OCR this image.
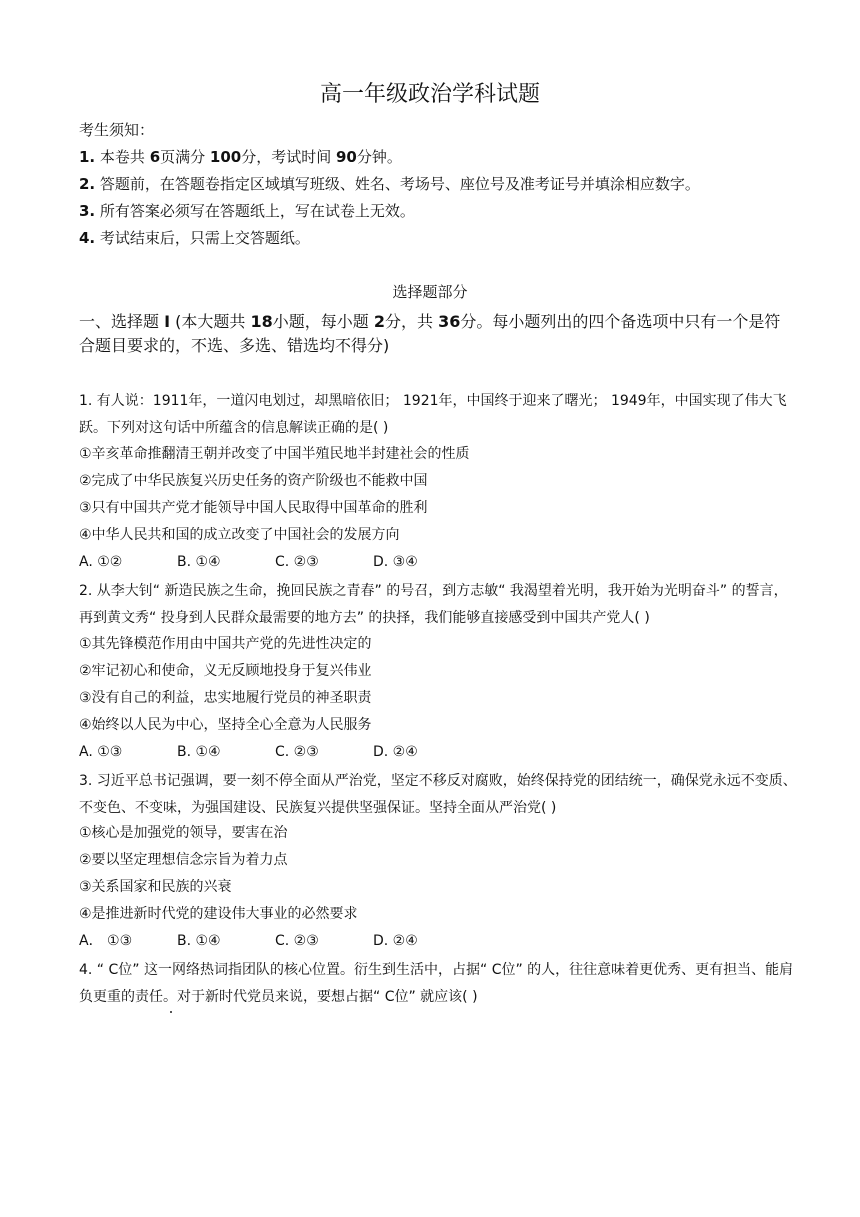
高一年级政治学科试题
考生须知：
1. 本卷共 6页满分 100分，考试时间 90分钟。
2. 答题前，在答题卷指定区域填写班级、姓名、考场号、座位号及准考证号并填涂相应数字。
3. 所有答案必须写在答题纸上，写在试卷上无效。
4. 考试结束后，只需上交答题纸。
选择题部分
一、选择题 I (本大题共 18小题，每小题 2分，共 36分。每小题列出的四个备选项中只有一个是符
合题目要求的，不选、多选、错选均不得分)
1. 有人说：1911年，一道闪电划过，却黑暗依旧； 1921年，中国终于迎来了曙光； 1949年，中国实现了伟大飞跃。下列对这句话中所蕴含的信息解读正确的是( )
①辛亥革命推翻清王朝并改变了中国半殖民地半封建社会的性质
②完成了中华民族复兴历史任务的资产阶级也不能救中国
③只有中国共产党才能领导中国人民取得中国革命的胜利
④中华人民共和国的成立改变了中国社会的发展方向
A. ①②	B. ①④	C. ②③	D. ③④
2. 从李大钊“ 新造民族之生命，挽回民族之青春” 的号召，到方志敏“ 我渴望着光明，我开始为光明奋斗” 的誓言，再到黄文秀“ 投身到人民群众最需要的地方去” 的抉择，我们能够直接感受到中国共产党人( )
①其先锋模范作用由中国共产党的先进性决定的
②牢记初心和使命，义无反顾地投身于复兴伟业
③没有自己的利益，忠实地履行党员的神圣职责
④始终以人民为中心，坚持全心全意为人民服务
A. ①③	B. ①④	C. ②③	D. ②④
3. 习近平总书记强调，要一刻不停全面从严治党，坚定不移反对腐败，始终保持党的团结统一，确保党永远不变质、不变色、不变味，为强国建设、民族复兴提供坚强保证。坚持全面从严治党( )
①核心是加强党的领导，要害在治
②要以坚定理想信念宗旨为着力点
③关系国家和民族的兴衰
④是推进新时代党的建设伟大事业的必然要求
A． ①③	B. ①④	C. ②③	D. ②④
4. “ C位” 这一网络热词指团队的核心位置。衍生到生活中，占据“ C位” 的人，往往意味着更优秀、更有担当、能肩负更重的责任。对于新时代党员来说，要想占据“ C位” 就应该( )
